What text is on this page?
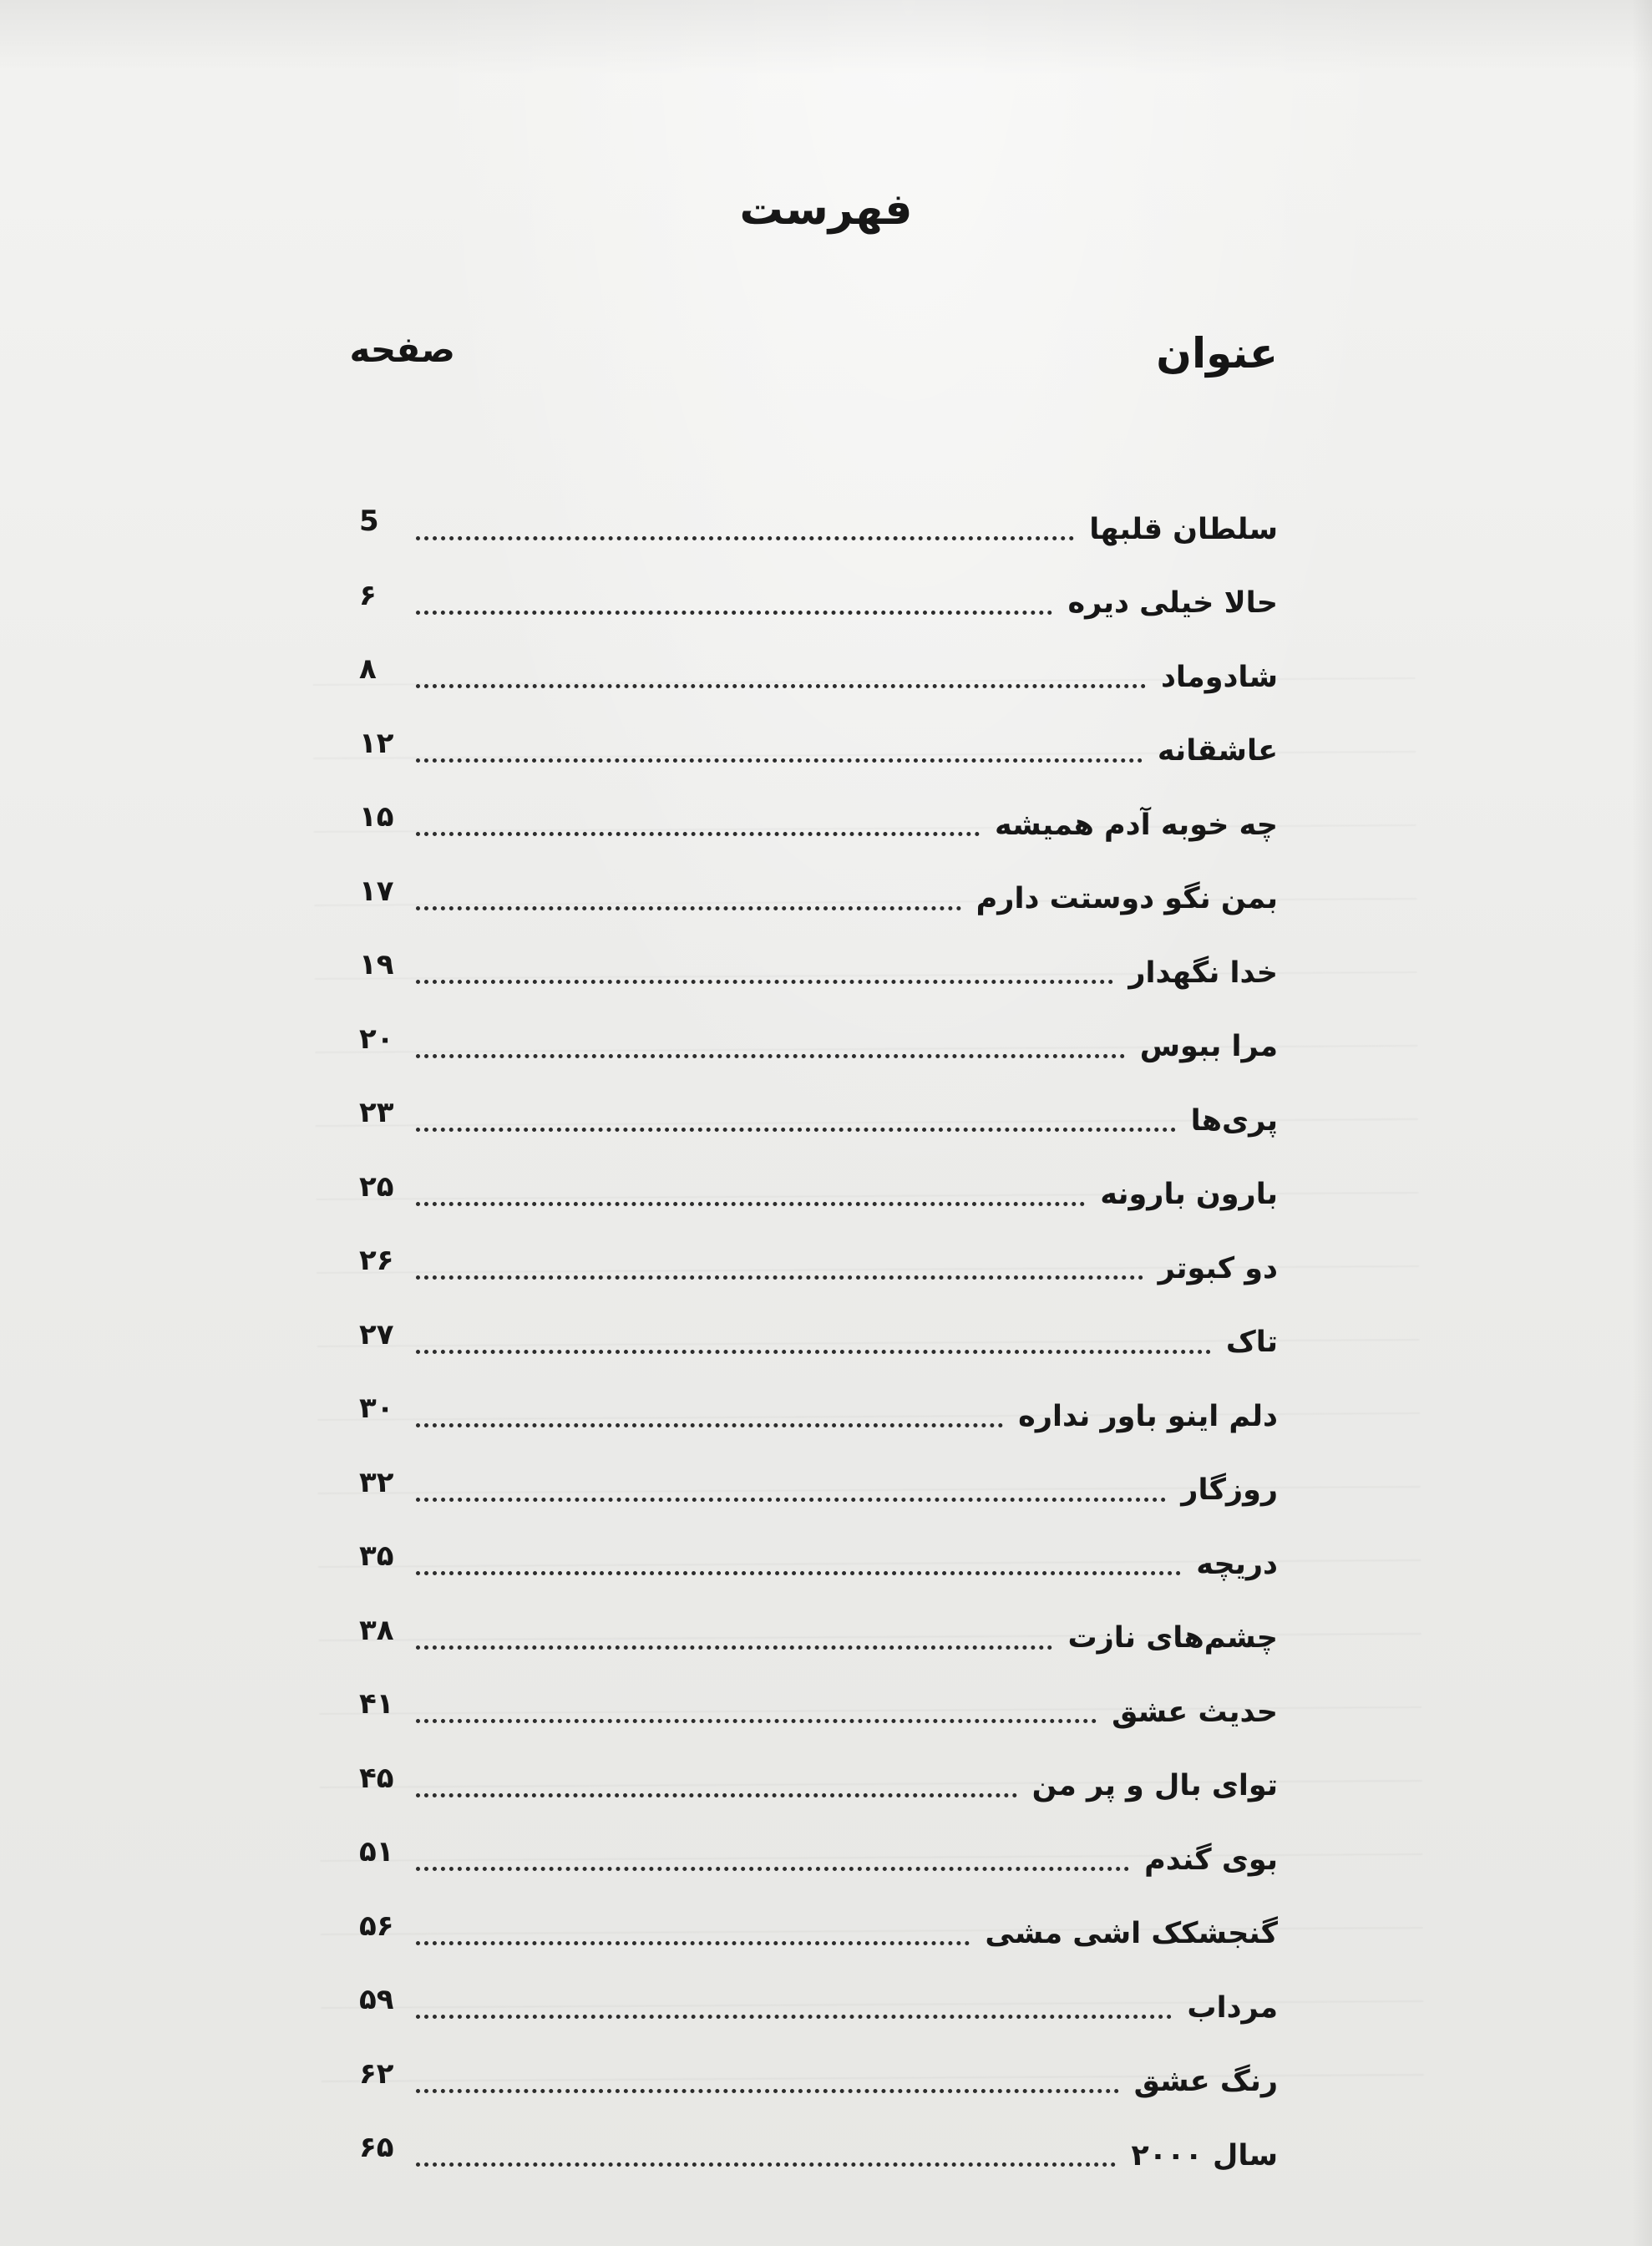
فهرست
عنوان
صفحه
سلطان قلبها
5
حالا خیلی دیره
۶
شادوماد
۸
عاشقانه
۱۲
چه خوبه آدم همیشه
۱۵
بمن نگو دوستت دارم
۱۷
خدا نگهدار
۱۹
مرا ببوس
۲۰
پری‌ها
۲۳
بارون بارونه
۲۵
دو کبوتر
۲۶
تاک
۲۷
دلم اینو باور نداره
۳۰
روزگار
۳۲
دریچه
۳۵
چشم‌های نازت
۳۸
حدیث عشق
۴۱
توای بال و پر من
۴۵
بوی گندم
۵۱
گنجشکک اشی مشی
۵۶
مرداب
۵۹
رنگ عشق
۶۲
سال ۲۰۰۰
۶۵
